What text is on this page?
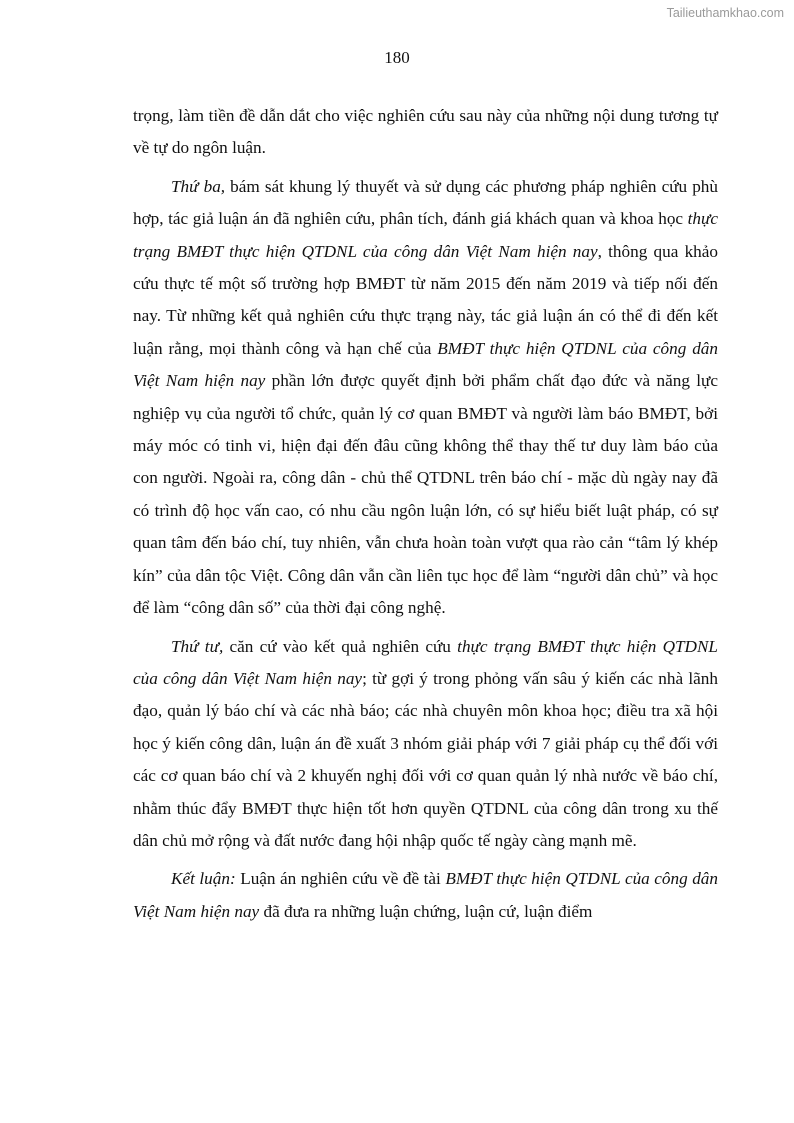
Tailieuthamkhao.com
180

trọng, làm tiền đề dẫn dắt cho việc nghiên cứu sau này của những nội dung tương tự về tự do ngôn luận.

Thứ ba, bám sát khung lý thuyết và sử dụng các phương pháp nghiên cứu phù hợp, tác giả luận án đã nghiên cứu, phân tích, đánh giá khách quan và khoa học thực trạng BMĐT thực hiện QTDNL của công dân Việt Nam hiện nay, thông qua khảo cứu thực tế một số trường hợp BMĐT từ năm 2015 đến năm 2019 và tiếp nối đến nay. Từ những kết quả nghiên cứu thực trạng này, tác giả luận án có thể đi đến kết luận rằng, mọi thành công và hạn chế của BMĐT thực hiện QTDNL của công dân Việt Nam hiện nay phần lớn được quyết định bởi phẩm chất đạo đức và năng lực nghiệp vụ của người tổ chức, quản lý cơ quan BMĐT và người làm báo BMĐT, bởi máy móc có tinh vi, hiện đại đến đâu cũng không thể thay thế tư duy làm báo của con người. Ngoài ra, công dân - chủ thể QTDNL trên báo chí - mặc dù ngày nay đã có trình độ học vấn cao, có nhu cầu ngôn luận lớn, có sự hiểu biết luật pháp, có sự quan tâm đến báo chí, tuy nhiên, vẫn chưa hoàn toàn vượt qua rào cản “tâm lý khép kín” của dân tộc Việt. Công dân vẫn cần liên tục học để làm “người dân chủ” và học để làm “công dân số” của thời đại công nghệ.

Thứ tư, căn cứ vào kết quả nghiên cứu thực trạng BMĐT thực hiện QTDNL của công dân Việt Nam hiện nay; từ gợi ý trong phỏng vấn sâu ý kiến các nhà lãnh đạo, quản lý báo chí và các nhà báo; các nhà chuyên môn khoa học; điều tra xã hội học ý kiến công dân, luận án đề xuất 3 nhóm giải pháp với 7 giải pháp cụ thể đối với các cơ quan báo chí và 2 khuyến nghị đối với cơ quan quản lý nhà nước về báo chí, nhằm thúc đẩy BMĐT thực hiện tốt hơn quyền QTDNL của công dân trong xu thế dân chủ mở rộng và đất nước đang hội nhập quốc tế ngày càng mạnh mẽ.

Kết luận: Luận án nghiên cứu về đề tài BMĐT thực hiện QTDNL của công dân Việt Nam hiện nay đã đưa ra những luận chứng, luận cứ, luận điểm
